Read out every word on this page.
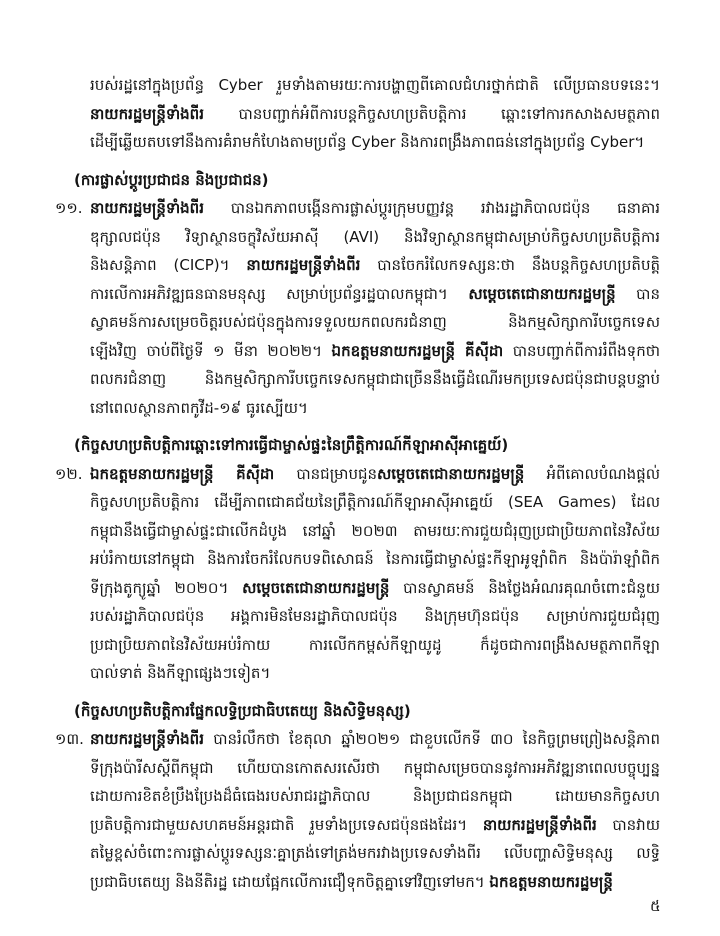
របស់រដ្ឋនៅក្នុងប្រព័ន្ធ Cyber រួមទាំងតាមរយៈការបង្ហាញពីគោលជំហរថ្នាក់ជាតិ លើប្រធានបទនេះ។
នាយករដ្ឋមន្ត្រីទាំងពីរ បានបញ្ជាក់អំពីការបន្តកិច្ចសហប្រតិបត្តិការ ឆ្ពោះទៅការកសាងសមត្ថភាព
ដើម្បីឆ្លើយតបទៅនឹងការគំរាមកំហែងតាមប្រព័ន្ធ Cyber និងការពង្រឹងភាពធន់នៅក្នុងប្រព័ន្ធ Cyber។
(ការផ្លាស់ប្តូរប្រជាជន និងប្រជាជន)
១១. នាយករដ្ឋមន្ត្រីទាំងពីរ បានឯកភាពបង្កើនការផ្លាស់ប្តូរក្រុមបញ្ញវន្ត រវាងរដ្ឋាភិបាលជប៉ុន ធនាគារ
ឌុក្សាលជប៉ុន វិទ្យាស្ថានចក្ខុវិស័យអាស៊ី (AVI) និងវិទ្យាស្ថានកម្ពុជាសម្រាប់កិច្ចសហប្រតិបត្តិការ
និងសន្តិភាព (CICP)។ នាយករដ្ឋមន្ត្រីទាំងពីរ បានចែករំលែកទស្សនៈថា នឹងបន្តកិច្ចសហប្រតិបត្តិ
ការលើការអភិវឌ្ឍធនធានមនុស្ស សម្រាប់ប្រព័ន្ធរដ្ឋបាលកម្ពុជា។ សម្តេចតេជោនាយករដ្ឋមន្ត្រី បាន
ស្វាគមន៍ការសម្រេចចិត្តរបស់ជប៉ុនក្នុងការទទួលយកពលករជំនាញ និងកម្មសិក្សាការីបច្ចេកទេស
ឡើងវិញ ចាប់ពីថ្ងៃទី ១ មីនា ២០២២។ ឯកឧត្តមនាយករដ្ឋមន្ត្រី គីស៊ីដា បានបញ្ជាក់ពីការរំពឹងទុកថា
ពលករជំនាញ និងកម្មសិក្សាការីបច្ចេកទេសកម្ពុជាជាច្រើននឹងធ្វើដំណើរមកប្រទេសជប៉ុនជាបន្តបន្ទាប់
នៅពេលស្ថានភាពកូវីដ-១៩ ធូរស្បើយ។
(កិច្ចសហប្រតិបត្តិការឆ្ពោះទៅការធ្វើជាម្ចាស់ផ្ទះនៃព្រឹត្តិការណ៍កីឡាអាស៊ីអាគ្នេយ៍)
១២. ឯកឧត្តមនាយករដ្ឋមន្ត្រី គីស៊ីដា បានជម្រាបជូនសម្តេចតេជោនាយករដ្ឋមន្ត្រី អំពីគោលបំណងផ្តល់
កិច្ចសហប្រតិបត្តិការ ដើម្បីភាពជោគជ័យនៃព្រឹត្តិការណ៍កីឡាអាស៊ីអាគ្នេយ៍ (SEA Games) ដែល
កម្ពុជានឹងធ្វើជាម្ចាស់ផ្ទះជាលើកដំបូង នៅឆ្នាំ ២០២៣ តាមរយៈការជួយជំរុញប្រជាប្រិយភាពនៃវិស័យ
អប់រំកាយនៅកម្ពុជា និងការចែករំលែកបទពិសោធន៍ នៃការធ្វើជាម្ចាស់ផ្ទះកីឡាអូឡាំពិក និងប៉ារ៉ាឡាំពិក
ទីក្រុងតូក្យូឆ្នាំ ២០២០។ សម្តេចតេជោនាយករដ្ឋមន្ត្រី បានស្វាគមន៍ និងថ្លែងអំណរគុណចំពោះជំនួយ
របស់រដ្ឋាភិបាលជប៉ុន អង្គការមិនមែនរដ្ឋាភិបាលជប៉ុន និងក្រុមហ៊ុនជប៉ុន សម្រាប់ការជួយជំរុញ
ប្រជាប្រិយភាពនៃវិស័យអប់រំកាយ ការលើកកម្ពស់កីឡាយូដូ ក៏ដូចជាការពង្រឹងសមត្ថភាពកីឡា
បាល់ទាត់ និងកីឡាផ្សេងៗទៀត។
(កិច្ចសហប្រតិបត្តិការផ្នែកលទ្ធិប្រជាធិបតេយ្យ និងសិទ្ធិមនុស្ស)
១៣. នាយករដ្ឋមន្ត្រីទាំងពីរ បានរំលឹកថា ខែតុលា ឆ្នាំ២០២១ ជាខួបលើកទី ៣០ នៃកិច្ចព្រមព្រៀងសន្តិភាព
ទីក្រុងប៉ារីសស្តីពីកម្ពុជា ហើយបានកោតសរសើរថា កម្ពុជាសម្រេចបាននូវការអភិវឌ្ឍនាពេលបច្ចុប្បន្ន
ដោយការខិតខំប្រឹងប្រែងដ៏ធំធេងរបស់រាជរដ្ឋាភិបាល និងប្រជាជនកម្ពុជា ដោយមានកិច្ចសហ
ប្រតិបត្តិការជាមួយសហគមន៍អន្តរជាតិ រួមទាំងប្រទេសជប៉ុនផងដែរ។ នាយករដ្ឋមន្ត្រីទាំងពីរ បានវាយ
តម្លៃខ្ពស់ចំពោះការផ្លាស់ប្តូរទស្សនៈគ្នាត្រង់ទៅត្រង់មករវាងប្រទេសទាំងពីរ លើបញ្ហាសិទ្ធិមនុស្ស លទ្ធិ
ប្រជាធិបតេយ្យ និងនីតិរដ្ឋ ដោយផ្អែកលើការជឿទុកចិត្តគ្នាទៅវិញទៅមក។ ឯកឧត្តមនាយករដ្ឋមន្ត្រី
៥
